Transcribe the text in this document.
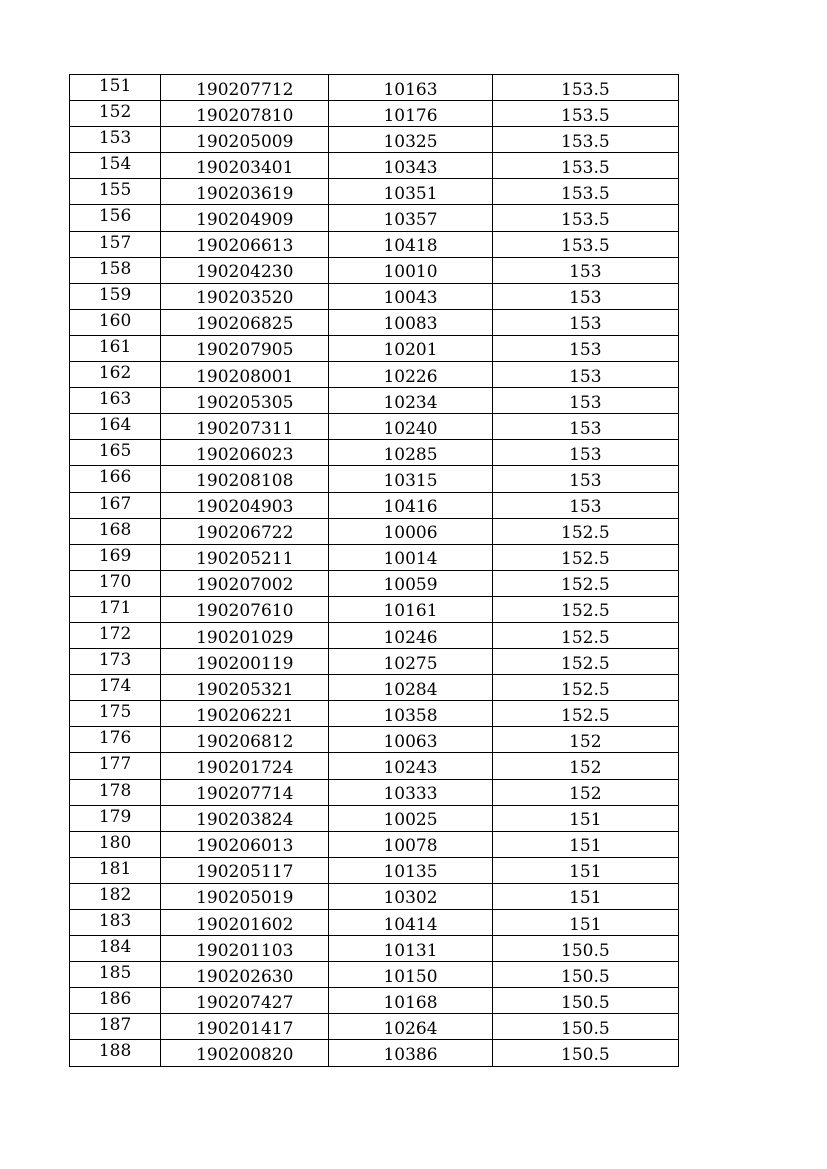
151	190207712	10163	153.5
152	190207810	10176	153.5
153	190205009	10325	153.5
154	190203401	10343	153.5
155	190203619	10351	153.5
156	190204909	10357	153.5
157	190206613	10418	153.5
158	190204230	10010	153
159	190203520	10043	153
160	190206825	10083	153
161	190207905	10201	153
162	190208001	10226	153
163	190205305	10234	153
164	190207311	10240	153
165	190206023	10285	153
166	190208108	10315	153
167	190204903	10416	153
168	190206722	10006	152.5
169	190205211	10014	152.5
170	190207002	10059	152.5
171	190207610	10161	152.5
172	190201029	10246	152.5
173	190200119	10275	152.5
174	190205321	10284	152.5
175	190206221	10358	152.5
176	190206812	10063	152
177	190201724	10243	152
178	190207714	10333	152
179	190203824	10025	151
180	190206013	10078	151
181	190205117	10135	151
182	190205019	10302	151
183	190201602	10414	151
184	190201103	10131	150.5
185	190202630	10150	150.5
186	190207427	10168	150.5
187	190201417	10264	150.5
188	190200820	10386	150.5
